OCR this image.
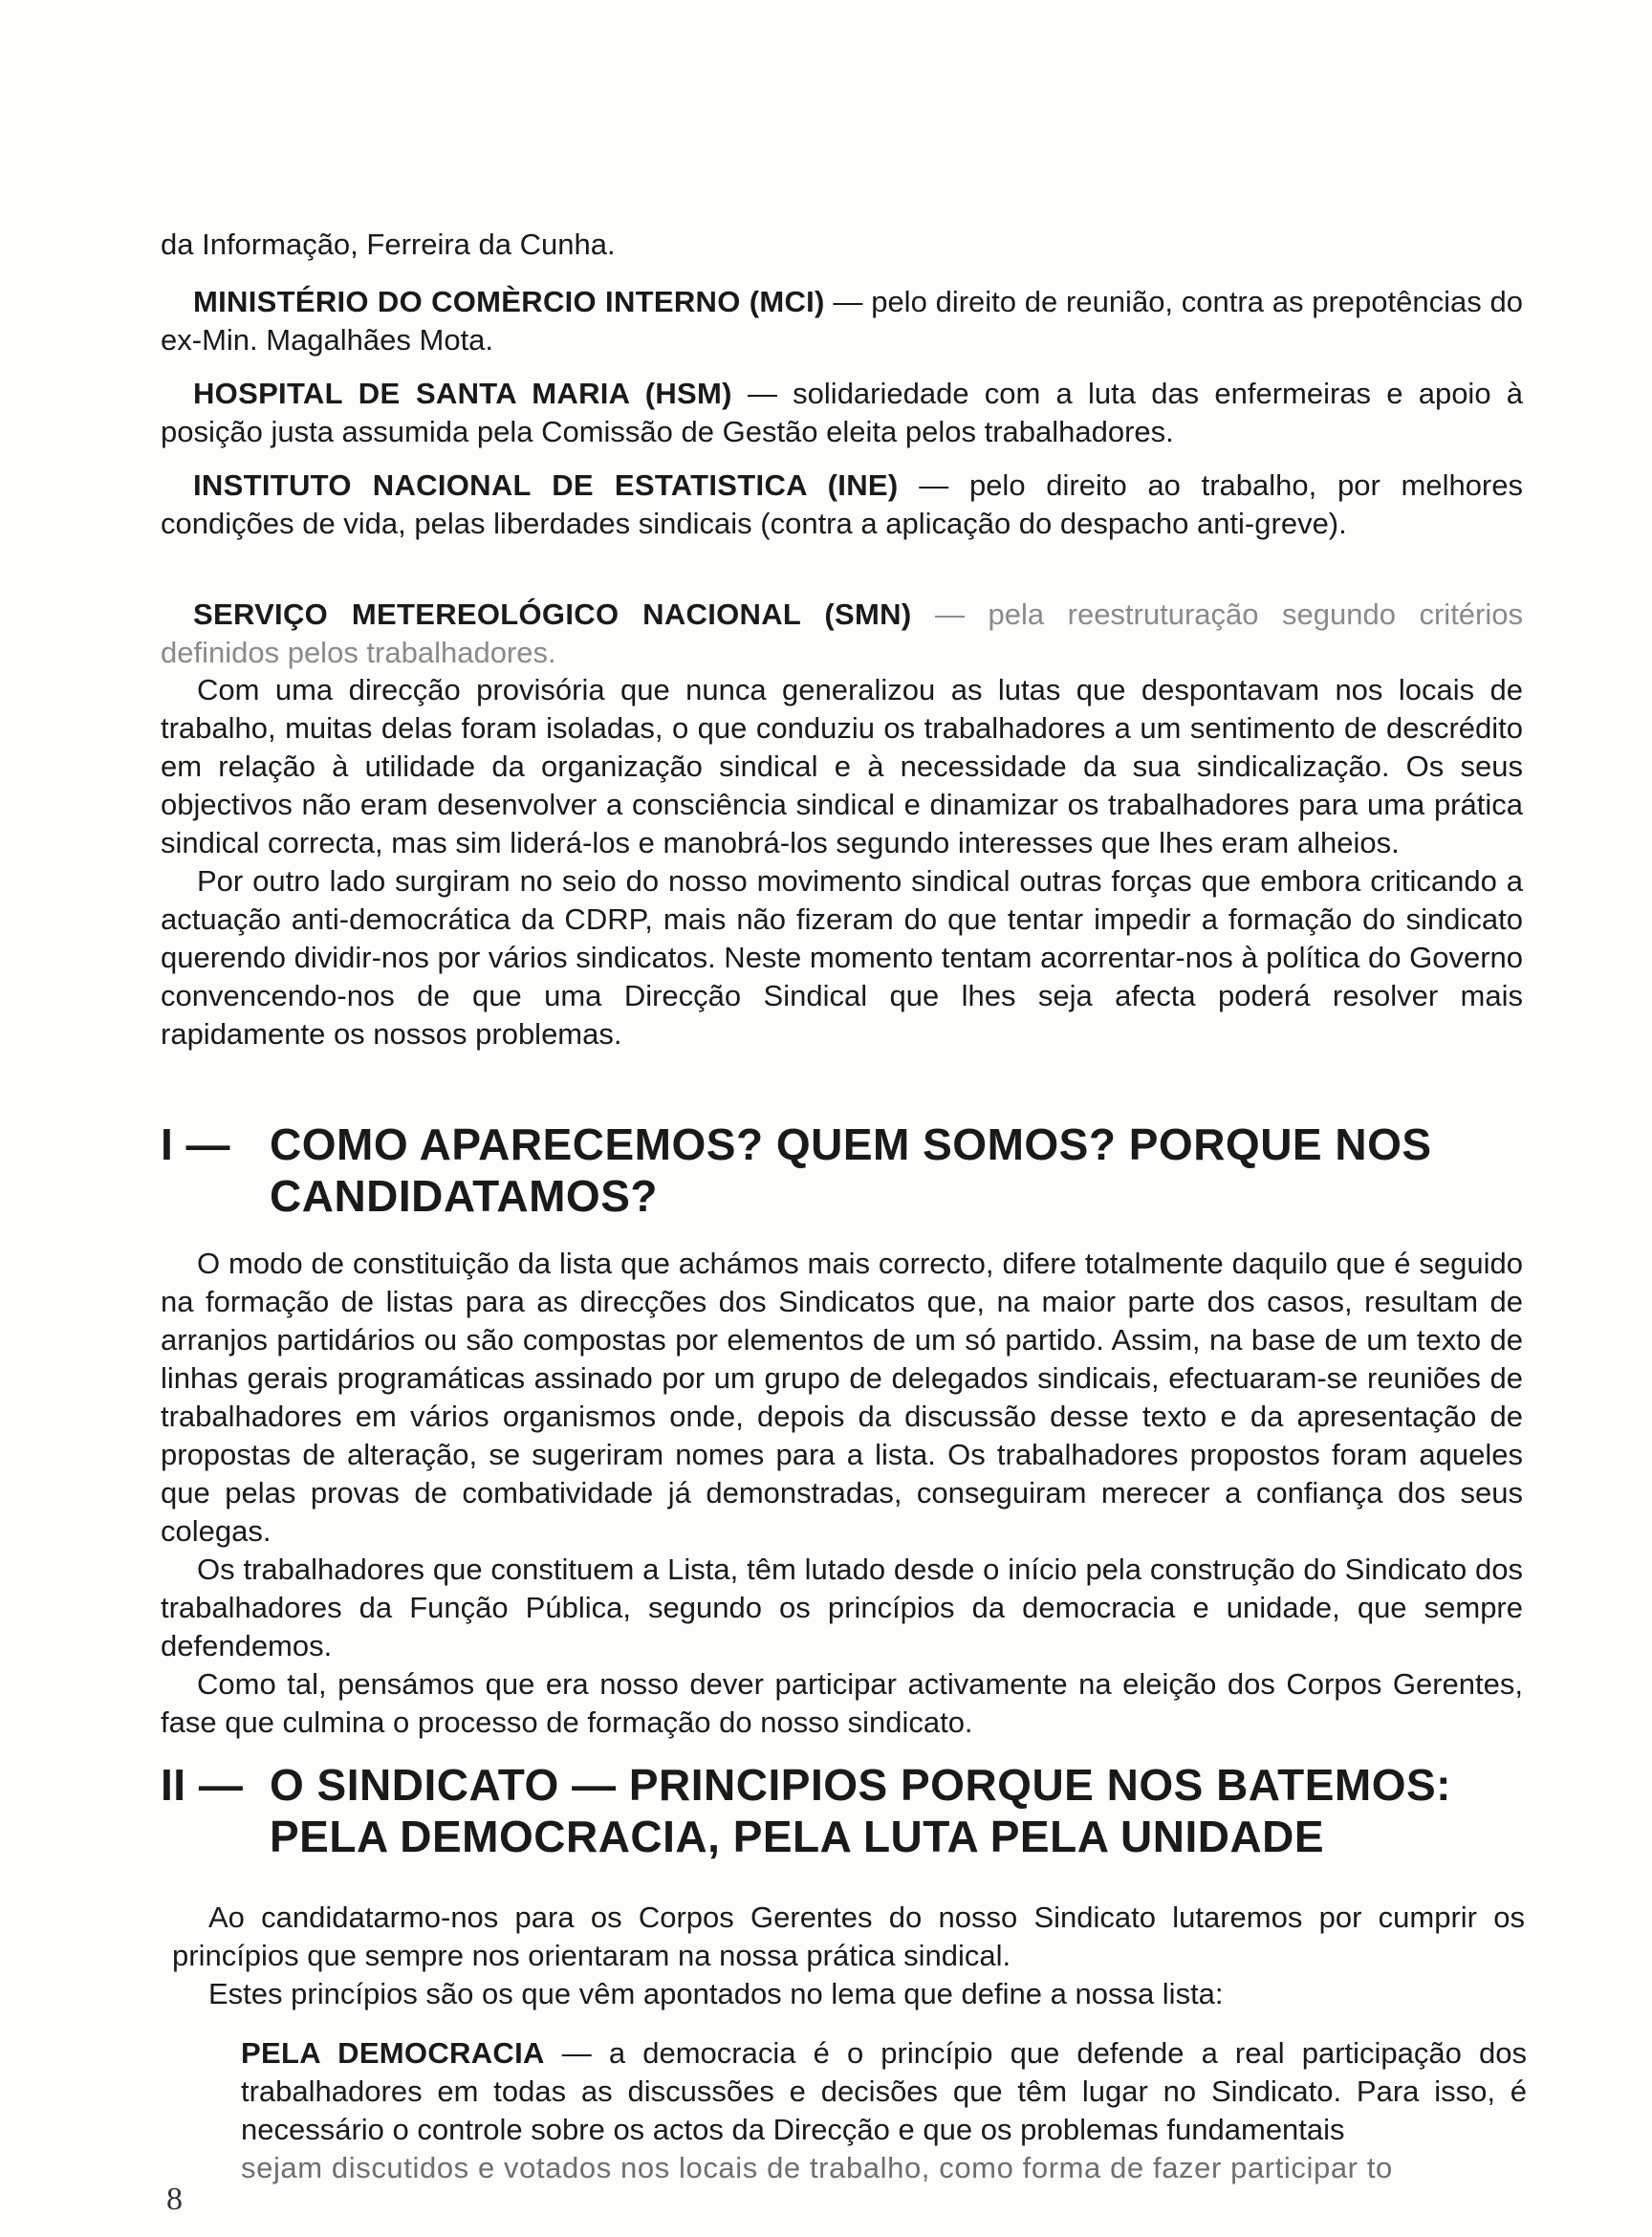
da Informação, Ferreira da Cunha.

MINISTÉRIO DO COMÈRCIO INTERNO (MCI) — pelo direito de reunião, contra as prepotências do ex-Min. Magalhães Mota.

HOSPITAL DE SANTA MARIA (HSM) — solidariedade com a luta das enfermeiras e apoio à posição justa assumida pela Comissão de Gestão eleita pelos trabalhadores.

INSTITUTO NACIONAL DE ESTATISTICA (INE) — pelo direito ao trabalho, por melhores condições de vida, pelas liberdades sindicais (contra a aplicação do despacho anti-greve).

SERVIÇO METEREOLÓGICO NACIONAL (SMN) — pela reestruturação segundo critérios definidos pelos trabalhadores.

Com uma direcção provisória que nunca generalizou as lutas que despontavam nos locais de trabalho, muitas delas foram isoladas, o que conduziu os trabalhadores a um sentimento de descrédito em relação à utilidade da organização sindical e à necessidade da sua sindicalização. Os seus objectivos não eram desenvolver a consciência sindical e dinamizar os trabalhadores para uma prática sindical correcta, mas sim liderá-los e manobrá-los segundo interesses que lhes eram alheios.

Por outro lado surgiram no seio do nosso movimento sindical outras forças que embora criticando a actuação anti-democrática da CDRP, mais não fizeram do que tentar impedir a formação do sindicato querendo dividir-nos por vários sindicatos. Neste momento tentam acorrentar-nos à política do Governo convencendo-nos de que uma Direcção Sindical que lhes seja afecta poderá resolver mais rapidamente os nossos problemas.

I — COMO APARECEMOS? QUEM SOMOS? PORQUE NOS
CANDIDATAMOS?

O modo de constituição da lista que achámos mais correcto, difere totalmente daquilo que é seguido na formação de listas para as direcções dos Sindicatos que, na maior parte dos casos, resultam de arranjos partidários ou são compostas por elementos de um só partido. Assim, na base de um texto de linhas gerais programáticas assinado por um grupo de delegados sindicais, efectuaram-se reuniões de trabalhadores em vários organismos onde, depois da discussão desse texto e da apresentação de propostas de alteração, se sugeriram nomes para a lista. Os trabalhadores propostos foram aqueles que pelas provas de combatividade já demonstradas, conseguiram merecer a confiança dos seus colegas.

Os trabalhadores que constituem a Lista, têm lutado desde o início pela construção do Sindicato dos trabalhadores da Função Pública, segundo os princípios da democracia e unidade, que sempre defendemos.

Como tal, pensámos que era nosso dever participar activamente na eleição dos Corpos Gerentes, fase que culmina o processo de formação do nosso sindicato.

II — O SINDICATO — PRINCIPIOS PORQUE NOS BATEMOS:
PELA DEMOCRACIA, PELA LUTA PELA UNIDADE

Ao candidatarmo-nos para os Corpos Gerentes do nosso Sindicato lutaremos por cumprir os princípios que sempre nos orientaram na nossa prática sindical.

Estes princípios são os que vêm apontados no lema que define a nossa lista:

PELA DEMOCRACIA — a democracia é o princípio que defende a real participação dos trabalhadores em todas as discussões e decisões que têm lugar no Sindicato. Para isso, é necessário o controle sobre os actos da Direcção e que os problemas fundamentais

sejam discutidos e votados nos locais de trabalho, como forma de fazer participar to

8
